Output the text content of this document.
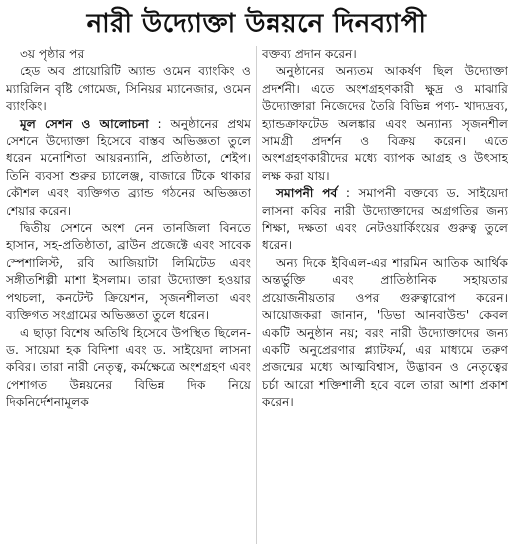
নারী উদ্যোক্তা উন্নয়নে দিনব্যাপী
৩য় পৃষ্ঠার পর

হেড অব প্রায়োরিটি অ্যান্ড ওমেন ব্যাংকিং ও ম্যারিলিন বৃষ্টি গোমেজ, সিনিয়র ম্যানেজার, ওমেন ব্যাংকিং।

মূল সেশন ও আলোচনা : অনুষ্ঠানের প্রথম সেশনে উদ্যোক্তা হিসেবে বাস্তব অভিজ্ঞতা তুলে ধরেন মনোশিতা আয়রন্যানি, প্রতিষ্ঠাতা, শেইপ। তিনি ব্যবসা শুরুর চ্যালেঞ্জ, বাজারে টিকে থাকার কৌশল এবং ব্যক্তিগত ব্র্যান্ড গঠনের অভিজ্ঞতা শেয়ার করেন।

দ্বিতীয় সেশনে অংশ নেন তানজিলা বিনতে হাসান, সহ-প্রতিষ্ঠাতা, ব্রাউন প্রজেক্টে এবং সাবেক স্পেশালিস্ট, রবি আজিয়াটা লিমিটেড এবং সঙ্গীতশিল্পী মাশা ইসলাম। তারা উদ্যোক্তা হওয়ার পথচলা, কনটেন্ট ক্রিয়েশন, সৃজনশীলতা এবং ব্যক্তিগত সংগ্রামের অভিজ্ঞতা তুলে ধরেন।

এ ছাড়া বিশেষ অতিথি হিসেবে উপস্থিত ছিলেন- ড. সায়েমা হক বিদিশা এবং ড. সাইয়েদা লাসনা কবির। তারা নারী নেতৃত্ব, কর্মক্ষেত্রে অংশগ্রহণ এবং পেশাগত উন্নয়নের বিভিন্ন দিক নিয়ে দিকনির্দেশনামূলক

বক্তব্য প্রদান করেন।

অনুষ্ঠানের অন্যতম আকর্ষণ ছিল উদ্যোক্তা প্রদর্শনী। এতে অংশগ্রহণকারী ক্ষুদ্র ও মাঝারি উদ্যোক্তারা নিজেদের তৈরি বিভিন্ন পণ্য- খাদ্যদ্রব্য, হ্যান্ডক্রাফটেড অলঙ্কার এবং অন্যান্য সৃজনশীল সামগ্রী প্রদর্শন ও বিক্রয় করেন। এতে অংশগ্রহণকারীদের মধ্যে ব্যাপক আগ্রহ ও উৎসাহ লক্ষ করা যায়।

সমাপনী পর্ব : সমাপনী বক্তব্যে ড. সাইয়েদা লাসনা কবির নারী উদ্যোক্তাদের অগ্রগতির জন্য শিক্ষা, দক্ষতা এবং নেটওয়ার্কিংয়ের গুরুত্ব তুলে ধরেন।

অন্য দিকে ইবিএল-এর শারমিন আতিক আর্থিক অন্তর্ভুক্তি এবং প্রাতিষ্ঠানিক সহায়তার প্রয়োজনীয়তার ওপর গুরুত্বারোপ করেন। আয়োজকরা জানান, 'ডিভা আনবাউন্ড' কেবল একটি অনুষ্ঠান নয়; বরং নারী উদ্যোক্তাদের জন্য একটি অনুপ্রেরণার প্ল্যাটফর্ম, এর মাধ্যমে তরুণ প্রজন্মের মধ্যে আত্মবিশ্বাস, উদ্ভাবন ও নেতৃত্বের চর্চা আরো শক্তিশালী হবে বলে তারা আশা প্রকাশ করেন।
